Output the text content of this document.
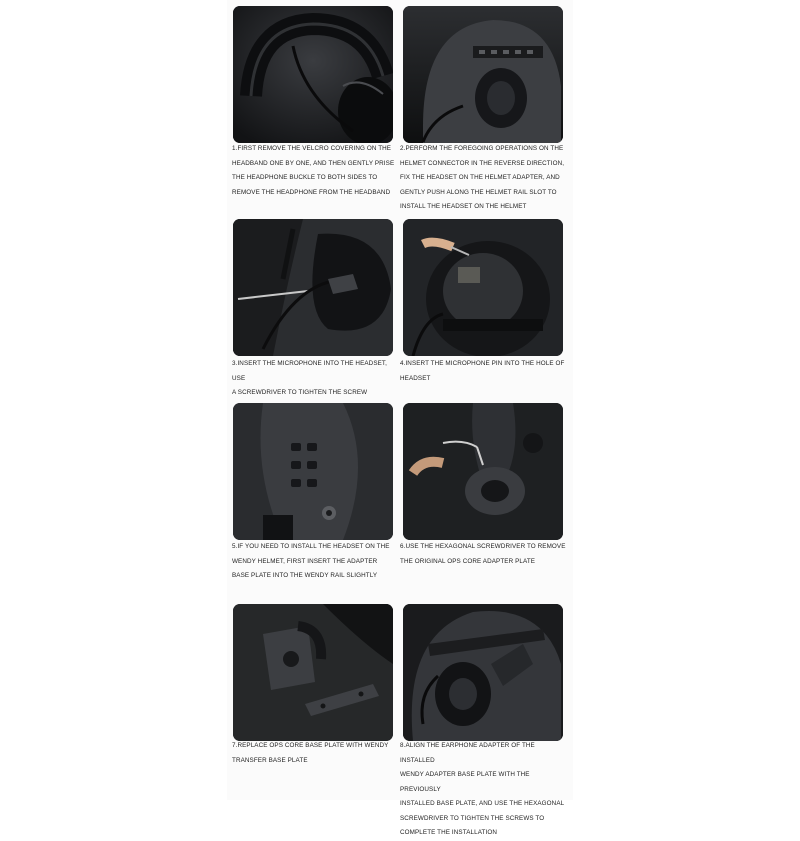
1.FIRST REMOVE THE VELCRO COVERING ON THE
HEADBAND ONE BY ONE, AND THEN GENTLY PRISE
THE HEADPHONE BUCKLE TO BOTH SIDES TO
REMOVE THE HEADPHONE FROM THE HEADBAND
2.PERFORM THE FOREGOING OPERATIONS ON THE
HELMET CONNECTOR IN THE REVERSE DIRECTION,
FIX THE HEADSET ON THE HELMET ADAPTER, AND
GENTLY PUSH ALONG THE HELMET RAIL SLOT TO
INSTALL THE HEADSET ON THE HELMET
3.INSERT THE MICROPHONE INTO THE HEADSET, USE
A SCREWDRIVER TO TIGHTEN THE SCREW
4.INSERT THE MICROPHONE PIN INTO THE HOLE OF
HEADSET
5.IF YOU NEED TO INSTALL THE HEADSET ON THE
WENDY HELMET, FIRST INSERT THE ADAPTER
BASE PLATE INTO THE WENDY RAIL SLIGHTLY
6.USE THE HEXAGONAL SCREWDRIVER TO REMOVE
THE ORIGINAL OPS CORE ADAPTER PLATE
7.REPLACE OPS CORE BASE PLATE WITH WENDY
TRANSFER BASE PLATE
8.ALIGN THE EARPHONE ADAPTER OF THE INSTALLED
WENDY ADAPTER BASE PLATE WITH THE PREVIOUSLY
INSTALLED BASE PLATE, AND USE THE HEXAGONAL
SCREWDRIVER TO TIGHTEN THE SCREWS TO
COMPLETE THE INSTALLATION
